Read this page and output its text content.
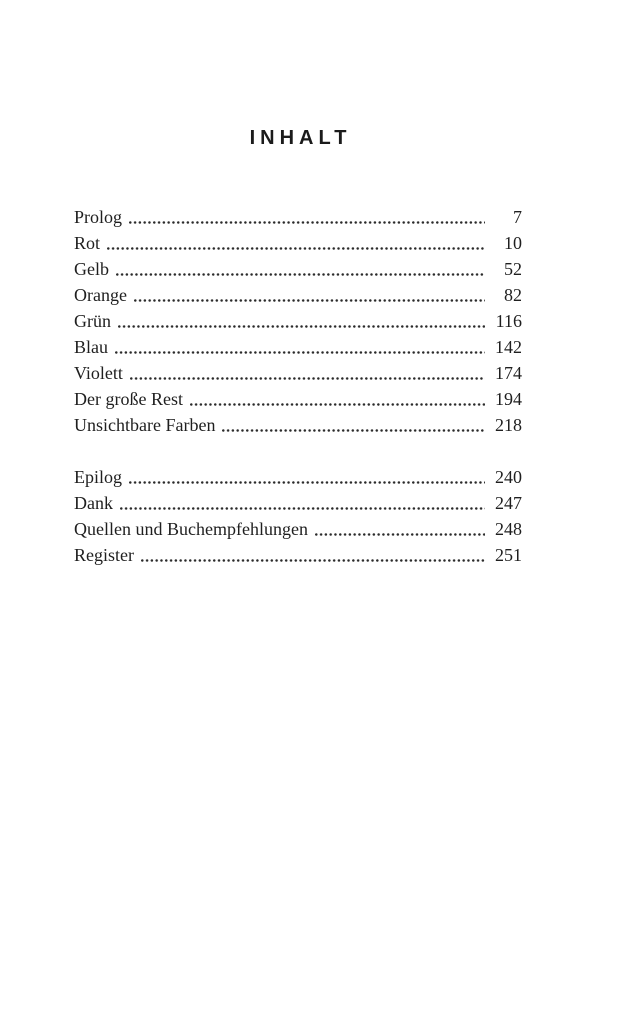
INHALT
Prolog	7
Rot	10
Gelb	52
Orange	82
Grün	116
Blau	142
Violett	174
Der große Rest	194
Unsichtbare Farben	218
Epilog	240
Dank	247
Quellen und Buchempfehlungen	248
Register	251
